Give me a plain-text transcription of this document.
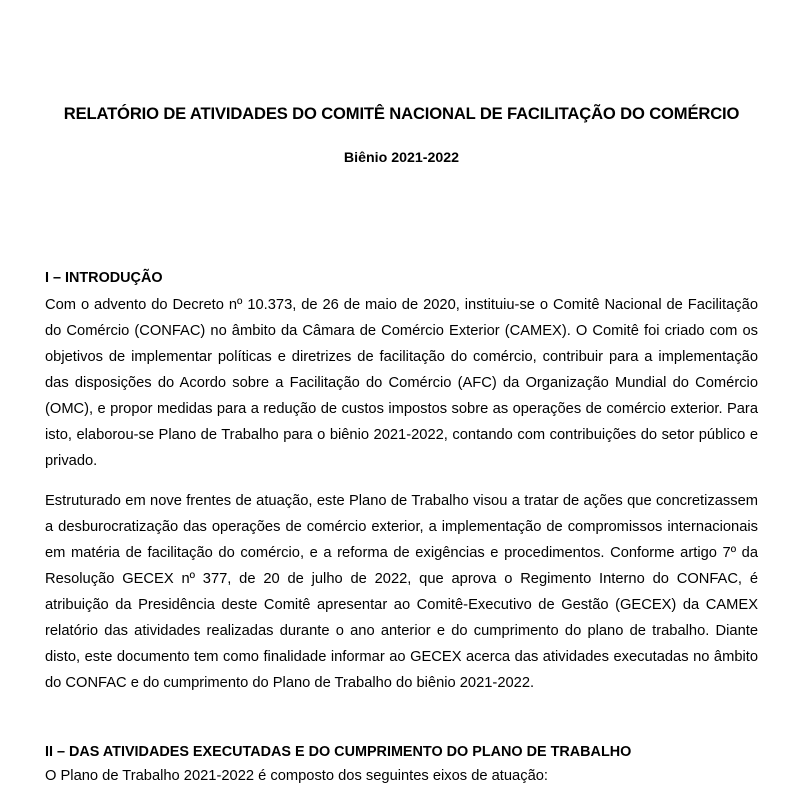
RELATÓRIO DE ATIVIDADES DO COMITÊ NACIONAL DE FACILITAÇÃO DO COMÉRCIO
Biênio 2021-2022
I – INTRODUÇÃO

Com o advento do Decreto nº 10.373, de 26 de maio de 2020, instituiu-se o Comitê Nacional de Facilitação do Comércio (CONFAC) no âmbito da Câmara de Comércio Exterior (CAMEX). O Comitê foi criado com os objetivos de implementar políticas e diretrizes de facilitação do comércio, contribuir para a implementação das disposições do Acordo sobre a Facilitação do Comércio (AFC) da Organização Mundial do Comércio (OMC), e propor medidas para a redução de custos impostos sobre as operações de comércio exterior. Para isto, elaborou-se Plano de Trabalho para o biênio 2021-2022, contando com contribuições do setor público e privado.

Estruturado em nove frentes de atuação, este Plano de Trabalho visou a tratar de ações que concretizassem a desburocratização das operações de comércio exterior, a implementação de compromissos internacionais em matéria de facilitação do comércio, e a reforma de exigências e procedimentos. Conforme artigo 7º da Resolução GECEX nº 377, de 20 de julho de 2022, que aprova o Regimento Interno do CONFAC, é atribuição da Presidência deste Comitê apresentar ao Comitê-Executivo de Gestão (GECEX) da CAMEX relatório das atividades realizadas durante o ano anterior e do cumprimento do plano de trabalho. Diante disto, este documento tem como finalidade informar ao GECEX acerca das atividades executadas no âmbito do CONFAC e do cumprimento do Plano de Trabalho do biênio 2021-2022.

II – DAS ATIVIDADES EXECUTADAS E DO CUMPRIMENTO DO PLANO DE TRABALHO

O Plano de Trabalho 2021-2022 é composto dos seguintes eixos de atuação:
